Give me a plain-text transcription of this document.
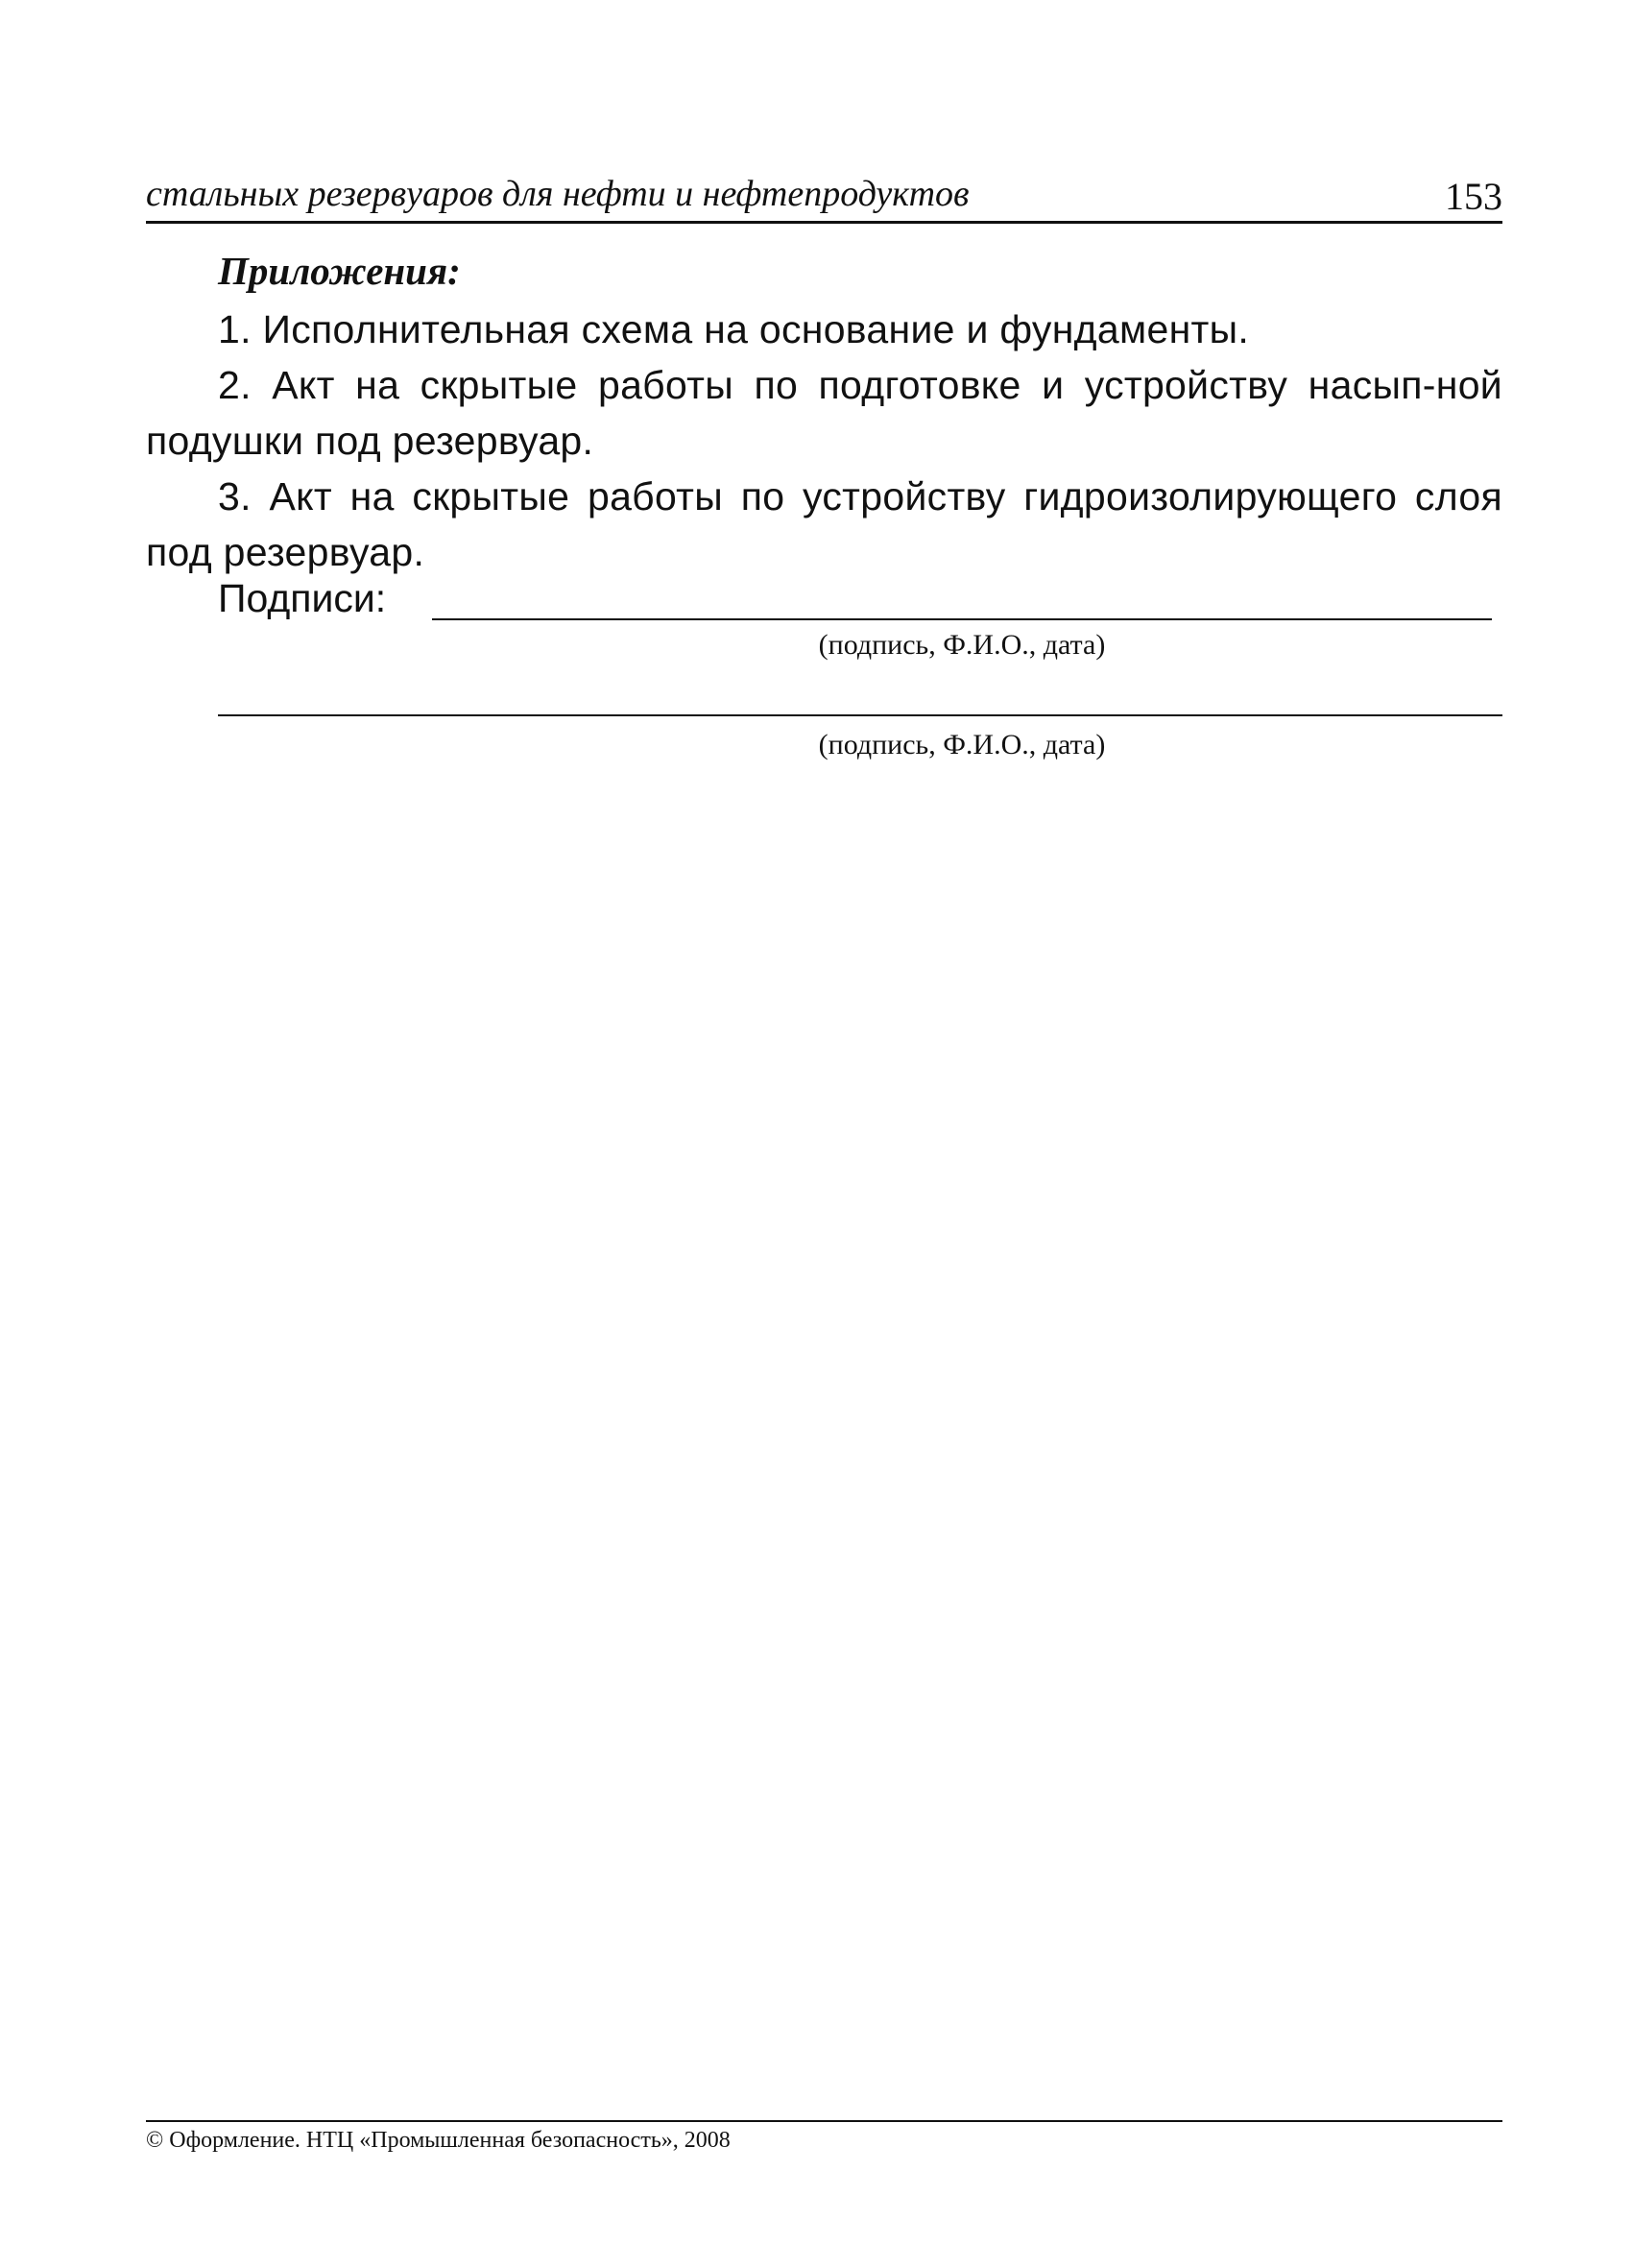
стальных резервуаров для нефти и нефтепродуктов	153

Приложения:

1. Исполнительная схема на основание и фундаменты.

2. Акт на скрытые работы по подготовке и устройству насып-ной подушки под резервуар.

3. Акт на скрытые работы по устройству гидроизолирующего слоя под резервуар.

Подписи:
(подпись, Ф.И.О., дата)
(подпись, Ф.И.О., дата)
© Оформление. НТЦ «Промышленная безопасность», 2008
